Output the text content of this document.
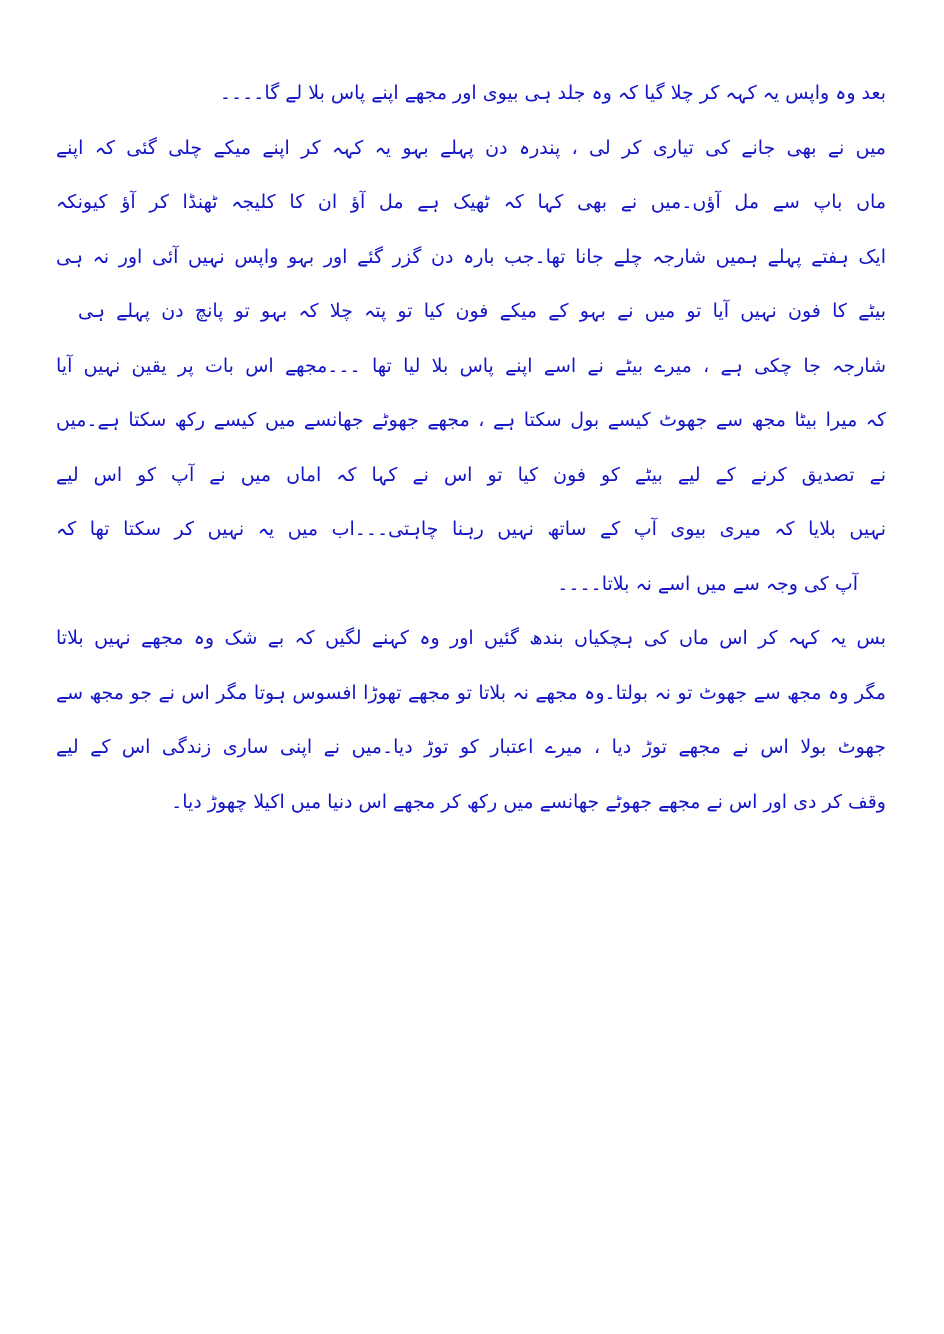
بعد وہ واپس یہ کہہ کر چلا گیا کہ وہ جلد ہی بیوی اور مجھے اپنے پاس بلا لے گا۔۔۔۔
میں نے بھی جانے کی تیاری کر لی ، پندرہ دن پہلے بہو یہ کہہ کر اپنے میکے چلی گئی کہ اپنے
ماں باپ سے مل آؤں۔میں نے بھی کہا کہ ٹھیک ہے مل آؤ ان کا کلیجہ ٹھنڈا کر آؤ کیونکہ
ایک ہفتے پہلے ہمیں شارجہ چلے جانا تھا۔جب بارہ دن گزر گئے اور بہو واپس نہیں آئی اور نہ ہی
بیٹے کا فون نہیں آیا تو میں نے بہو کے میکے فون کیا تو پتہ چلا کہ بہو تو پانچ دن پہلے ہی
شارجہ جا چکی ہے ، میرے بیٹے نے اسے اپنے پاس بلا لیا تھا ۔۔۔مجھے اس بات پر یقین نہیں آیا
کہ میرا بیٹا مجھ سے جھوٹ کیسے بول سکتا ہے ، مجھے جھوٹے جھانسے میں کیسے رکھ سکتا ہے۔میں
نے تصدیق کرنے کے لیے بیٹے کو فون کیا تو اس نے کہا کہ اماں میں نے آپ کو اس لیے
نہیں بلایا کہ میری بیوی آپ کے ساتھ نہیں رہنا چاہتی۔۔۔اب میں یہ نہیں کر سکتا تھا کہ
آپ کی وجہ سے میں اسے نہ بلاتا۔۔۔۔
بس یہ کہہ کر اس ماں کی ہچکیاں بندھ گئیں اور وہ کہنے لگیں کہ بے شک وہ مجھے نہیں بلاتا
مگر وہ مجھ سے جھوٹ تو نہ بولتا۔وہ مجھے نہ بلاتا تو مجھے تھوڑا افسوس ہوتا مگر اس نے جو مجھ سے
جھوٹ بولا اس نے مجھے توڑ دیا ، میرے اعتبار کو توڑ دیا۔میں نے اپنی ساری زندگی اس کے لیے
وقف کر دی اور اس نے مجھے جھوٹے جھانسے میں رکھ کر مجھے اس دنیا میں اکیلا چھوڑ دیا۔
